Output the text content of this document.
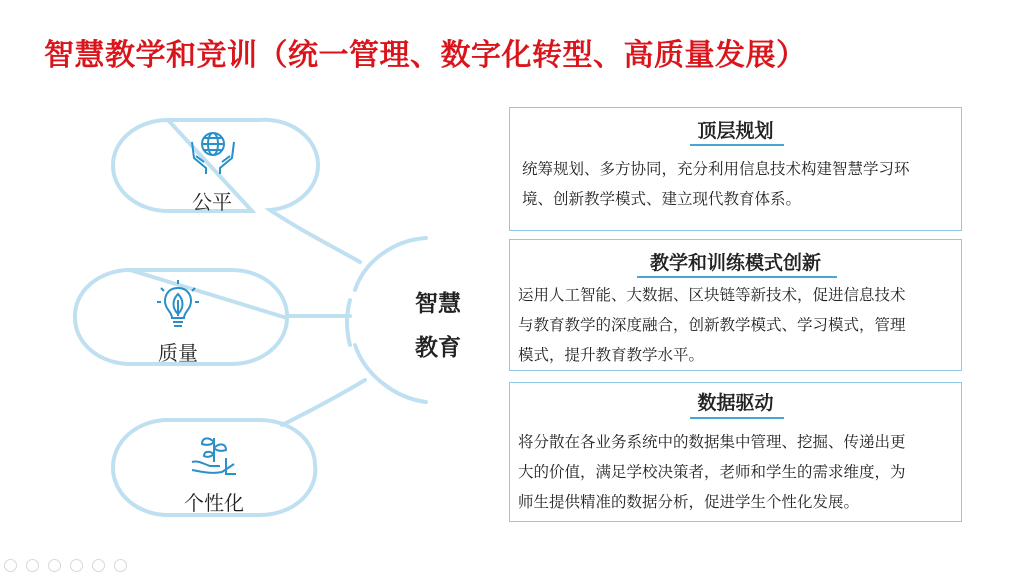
智慧教学和竞训（统一管理、数字化转型、高质量发展）
公平
质量
个性化
智慧
教育
顶层规划
统筹规划、多方协同，充分利用信息技术构建智慧学习环
境、创新教学模式、建立现代教育体系。
教学和训练模式创新
运用人工智能、大数据、区块链等新技术，促进信息技术
与教育教学的深度融合，创新教学模式、学习模式，管理
模式，提升教育教学水平。
数据驱动
将分散在各业务系统中的数据集中管理、挖掘、传递出更
大的价值，满足学校决策者，老师和学生的需求维度，为
师生提供精准的数据分析，促进学生个性化发展。
